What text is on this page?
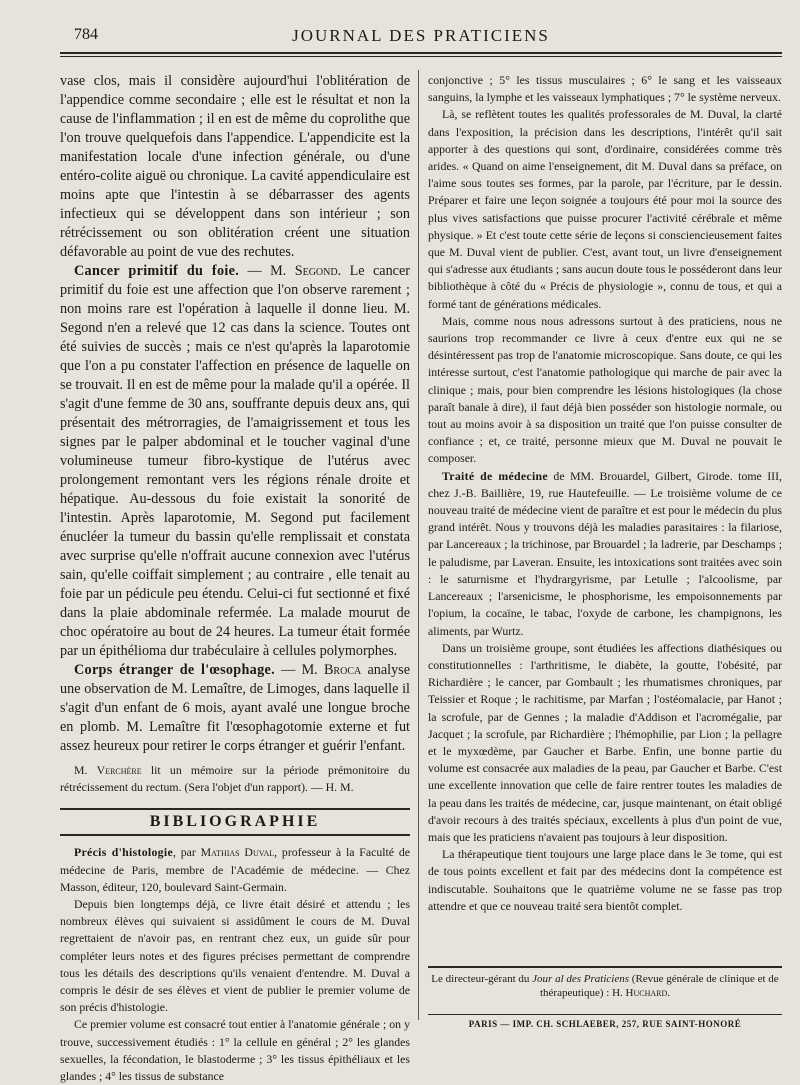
784	JOURNAL DES PRATICIENS

vase clos, mais il considère aujourd'hui l'oblitération de l'appendice comme secondaire ; elle est le résultat et non la cause de l'inflammation ; il en est de même du coprolithe que l'on trouve quelquefois dans l'appendice. L'appendicite est la manifestation locale d'une infection générale, ou d'une entéro-colite aiguë ou chronique. La cavité appendiculaire est moins apte que l'intestin à se débarrasser des agents infectieux qui se développent dans son intérieur ; son rétrécissement ou son oblitération créent une situation défavorable au point de vue des rechutes.

Cancer primitif du foie. — M. Segond. Le cancer primitif du foie est une affection que l'on observe rarement ; non moins rare est l'opération à laquelle il donne lieu. M. Segond n'en a relevé que 12 cas dans la science. Toutes ont été suivies de succès ; mais ce n'est qu'après la laparotomie que l'on a pu constater l'affection en présence de laquelle on se trouvait. Il en est de même pour la malade qu'il a opérée. Il s'agit d'une femme de 30 ans, souffrante depuis deux ans, qui présentait des métrorragies, de l'amaigrissement et tous les signes par le palper abdominal et le toucher vaginal d'une volumineuse tumeur fibro-kystique de l'utérus avec prolongement remontant vers les régions rénale droite et hépatique. Au-dessous du foie existait la sonorité de l'intestin. Après laparotomie, M. Segond put facilement énucléer la tumeur du bassin qu'elle remplissait et constata avec surprise qu'elle n'offrait aucune connexion avec l'utérus sain, qu'elle coiffait simplement ; au contraire , elle tenait au foie par un pédicule peu étendu. Celui-ci fut sectionné et fixé dans la plaie abdominale refermée. La malade mourut de choc opératoire au bout de 24 heures. La tumeur était formée par un épithélioma dur trabéculaire à cellules polymorphes.

Corps étranger de l'œsophage. — M. Broca analyse une observation de M. Lemaître, de Limoges, dans laquelle il s'agit d'un enfant de 6 mois, ayant avalé une longue broche en plomb. M. Lemaître fit l'œsophagotomie externe et fut assez heureux pour retirer le corps étranger et guérir l'enfant.

M. Verchère lit un mémoire sur la période prémonitoire du rétrécissement du rectum. (Sera l'objet d'un rapport). — H. M.

BIBLIOGRAPHIE

Précis d'histologie, par Mathias Duval, professeur à la Faculté de médecine de Paris, membre de l'Académie de médecine. — Chez Masson, éditeur, 120, boulevard Saint-Germain.

Depuis bien longtemps déjà, ce livre était désiré et attendu ; les nombreux élèves qui suivaient si assidûment le cours de M. Duval regrettaient de n'avoir pas, en rentrant chez eux, un guide sûr pour compléter leurs notes et des figures précises permettant de comprendre tous les détails des descriptions qu'ils venaient d'entendre. M. Duval a compris le désir de ses élèves et vient de publier le premier volume de son précis d'histologie.

Ce premier volume est consacré tout entier à l'anatomie générale ; on y trouve, successivement étudiés : 1° la cellule en général ; 2° les glandes sexuelles, la fécondation, le blastoderme ; 3° les tissus épithéliaux et les glandes ; 4° les tissus de substance

conjonctive ; 5° les tissus musculaires ; 6° le sang et les vaisseaux sanguins, la lymphe et les vaisseaux lymphatiques ; 7° le système nerveux.

Là, se reflètent toutes les qualités professorales de M. Duval, la clarté dans l'exposition, la précision dans les descriptions, l'intérêt qu'il sait apporter à des questions qui sont, d'ordinaire, considérées comme très arides. « Quand on aime l'enseignement, dit M. Duval dans sa préface, on l'aime sous toutes ses formes, par la parole, par l'écriture, par le dessin. Préparer et faire une leçon soignée a toujours été pour moi la source des plus vives satisfactions que puisse procurer l'activité cérébrale et même physique. » Et c'est toute cette série de leçons si consciencieusement faites que M. Duval vient de publier. C'est, avant tout, un livre d'enseignement qui s'adresse aux étudiants ; sans aucun doute tous le posséderont dans leur bibliothèque à côté du « Précis de physiologie », connu de tous, et qui a formé tant de générations médicales.

Mais, comme nous nous adressons surtout à des praticiens, nous ne saurions trop recommander ce livre à ceux d'entre eux qui ne se désintéressent pas trop de l'anatomie microscopique. Sans doute, ce qui les intéresse surtout, c'est l'anatomie pathologique qui marche de pair avec la clinique ; mais, pour bien comprendre les lésions histologiques (la chose paraît banale à dire), il faut déjà bien posséder son histologie normale, ou tout au moins avoir à sa disposition un traité que l'on puisse consulter de confiance ; et, ce traité, personne mieux que M. Duval ne pouvait le composer.

Traité de médecine de MM. Brouardel, Gilbert, Girode. tome III, chez J.-B. Baillière, 19, rue Hautefeuille. — Le troisième volume de ce nouveau traité de médecine vient de paraître et est pour le médecin du plus grand intérêt. Nous y trouvons déjà les maladies parasitaires : la filariose, par Lancereaux ; la trichinose, par Brouardel ; la ladrerie, par Deschamps ; le paludisme, par Laveran. Ensuite, les intoxications sont traitées avec soin : le saturnisme et l'hydrargyrisme, par Letulle ; l'alcoolisme, par Lancereaux ; l'arsenicisme, le phosphorisme, les empoisonnements par l'opium, la cocaïne, le tabac, l'oxyde de carbone, les champignons, les aliments, par Wurtz.

Dans un troisième groupe, sont étudiées les affections diathésiques ou constitutionnelles : l'arthritisme, le diabète, la goutte, l'obésité, par Richardière ; le cancer, par Gombault ; les rhumatismes chroniques, par Teissier et Roque ; le rachitisme, par Marfan ; l'ostéomalacie, par Hanot ; la scrofule, par de Gennes ; la maladie d'Addison et l'acromégalie, par Jacquet ; la scrofule, par Richardière ; l'hémophilie, par Lion ; la pellagre et le myxœdème, par Gaucher et Barbe. Enfin, une bonne partie du volume est consacrée aux maladies de la peau, par Gaucher et Barbe. C'est une excellente innovation que celle de faire rentrer toutes les maladies de la peau dans les traités de médecine, car, jusque maintenant, on était obligé d'avoir recours à des traités spéciaux, excellents à plus d'un point de vue, mais que les praticiens n'avaient pas toujours à leur disposition.

La thérapeutique tient toujours une large place dans le 3e tome, qui est de tous points excellent et fait par des médecins dont la compétence est indiscutable. Souhaitons que le quatrième volume ne se fasse pas trop attendre et que ce nouveau traité sera bientôt complet.

Le directeur-gérant du Jour al des Praticiens (Revue générale de clinique et de thérapeutique) : H. Huchard.
PARIS — IMP. CH. SCHLAEBER, 257, RUE SAINT-HONORÉ
